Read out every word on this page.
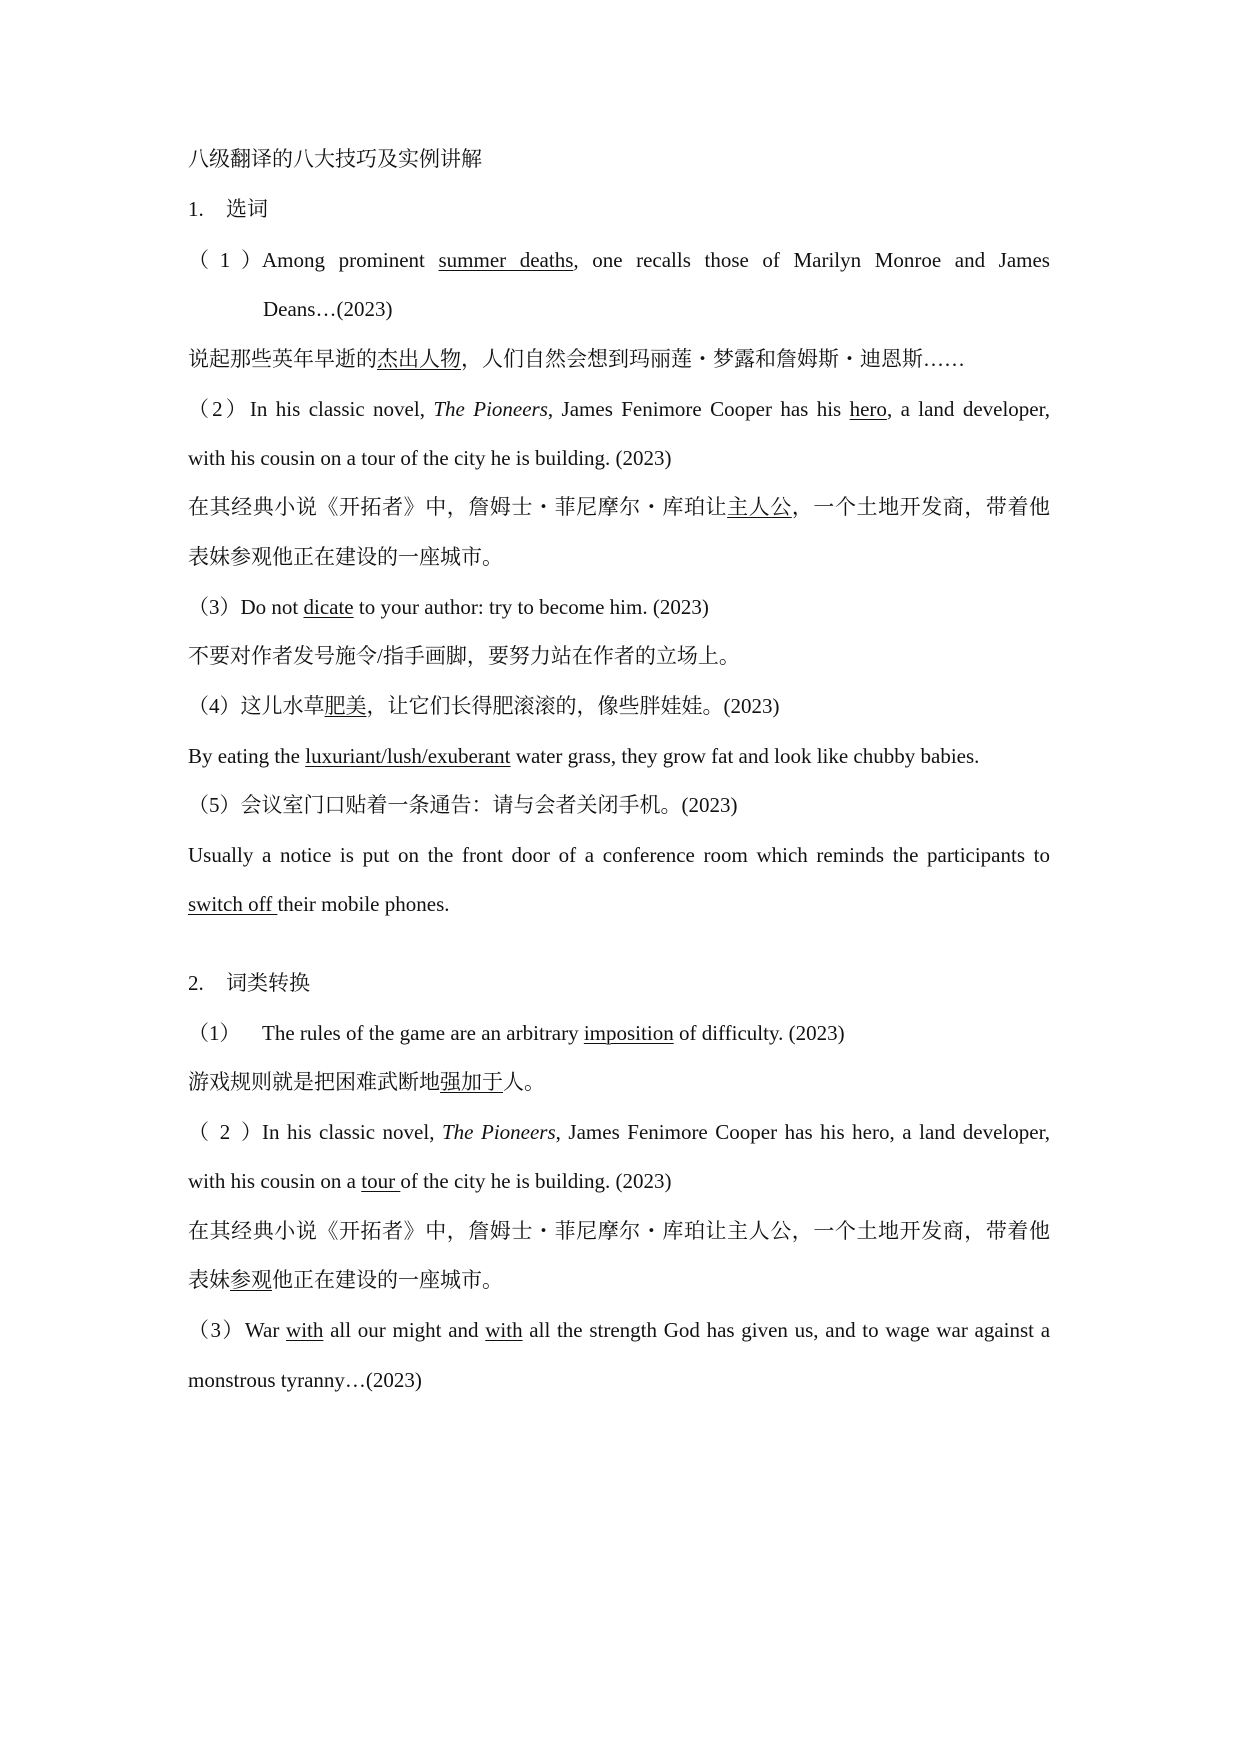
八级翻译的八大技巧及实例讲解
1. 选词
（1）Among prominent summer deaths, one recalls those of Marilyn Monroe and James
Deans…(2023)
说起那些英年早逝的杰出人物，人们自然会想到玛丽莲・梦露和詹姆斯・迪恩斯……
（2）In his classic novel, The Pioneers, James Fenimore Cooper has his hero, a land developer,
with his cousin on a tour of the city he is building. (2023)
在其经典小说《开拓者》中，詹姆士・菲尼摩尔・库珀让主人公，一个土地开发商，带着他
表妹参观他正在建设的一座城市。
（3）Do not dicate to your author: try to become him. (2023)
不要对作者发号施令/指手画脚，要努力站在作者的立场上。
（4）这儿水草肥美，让它们长得肥滚滚的，像些胖娃娃。(2023)
By eating the luxuriant/lush/exuberant water grass, they grow fat and look like chubby babies.
（5）会议室门口贴着一条通告：请与会者关闭手机。(2023)
Usually a notice is put on the front door of a conference room which reminds the participants to
switch off their mobile phones.
2. 词类转换
（1） The rules of the game are an arbitrary imposition of difficulty. (2023)
游戏规则就是把困难武断地强加于人。
（2）In his classic novel, The Pioneers, James Fenimore Cooper has his hero, a land developer,
with his cousin on a tour of the city he is building. (2023)
在其经典小说《开拓者》中，詹姆士・菲尼摩尔・库珀让主人公，一个土地开发商，带着他
表妹参观他正在建设的一座城市。
（3）War with all our might and with all the strength God has given us, and to wage war against a
monstrous tyranny…(2023)
